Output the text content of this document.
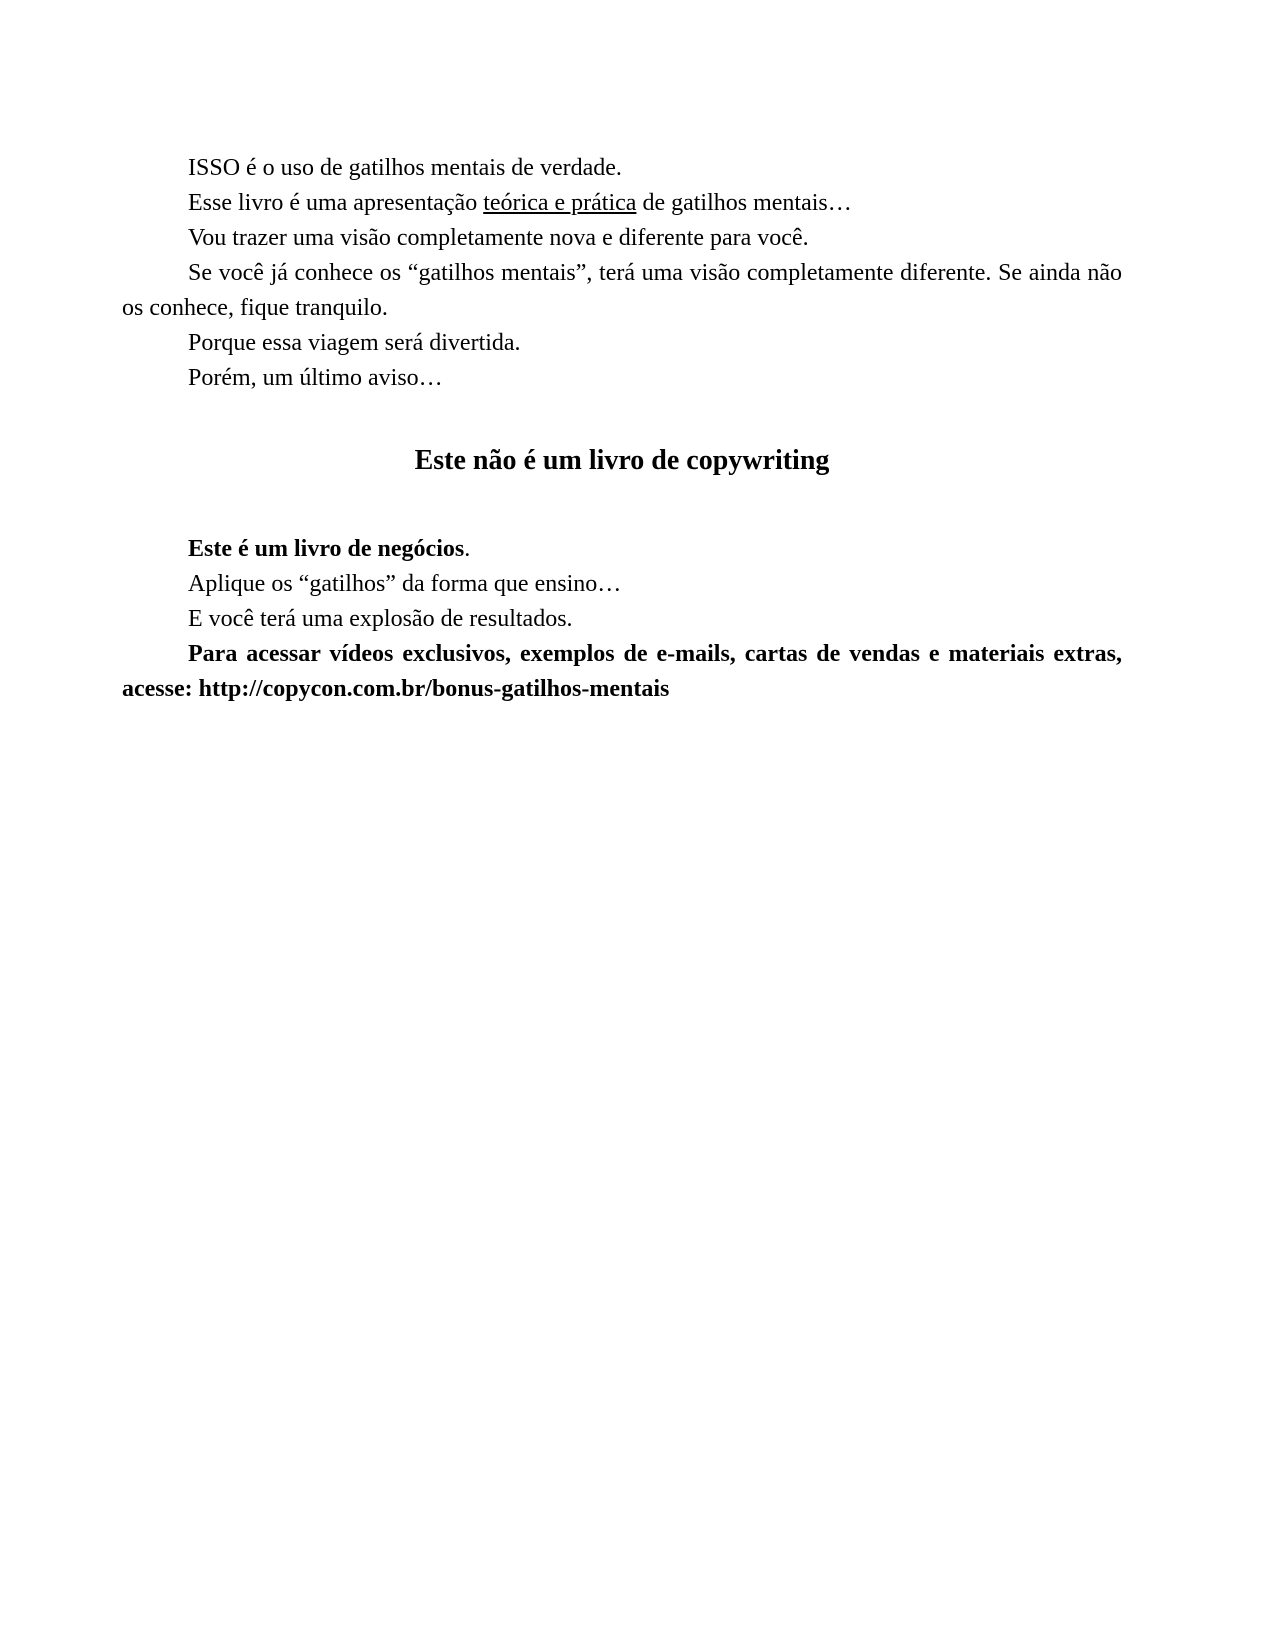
ISSO é o uso de gatilhos mentais de verdade.

Esse livro é uma apresentação teórica e prática de gatilhos mentais…

Vou trazer uma visão completamente nova e diferente para você.

Se você já conhece os “gatilhos mentais”, terá uma visão completamente diferente. Se ainda não os conhece, fique tranquilo.

Porque essa viagem será divertida.

Porém, um último aviso…

Este não é um livro de copywriting

Este é um livro de negócios.

Aplique os “gatilhos” da forma que ensino…

E você terá uma explosão de resultados.

Para acessar vídeos exclusivos, exemplos de e-mails, cartas de vendas e materiais extras, acesse: http://copycon.com.br/bonus-gatilhos-mentais
